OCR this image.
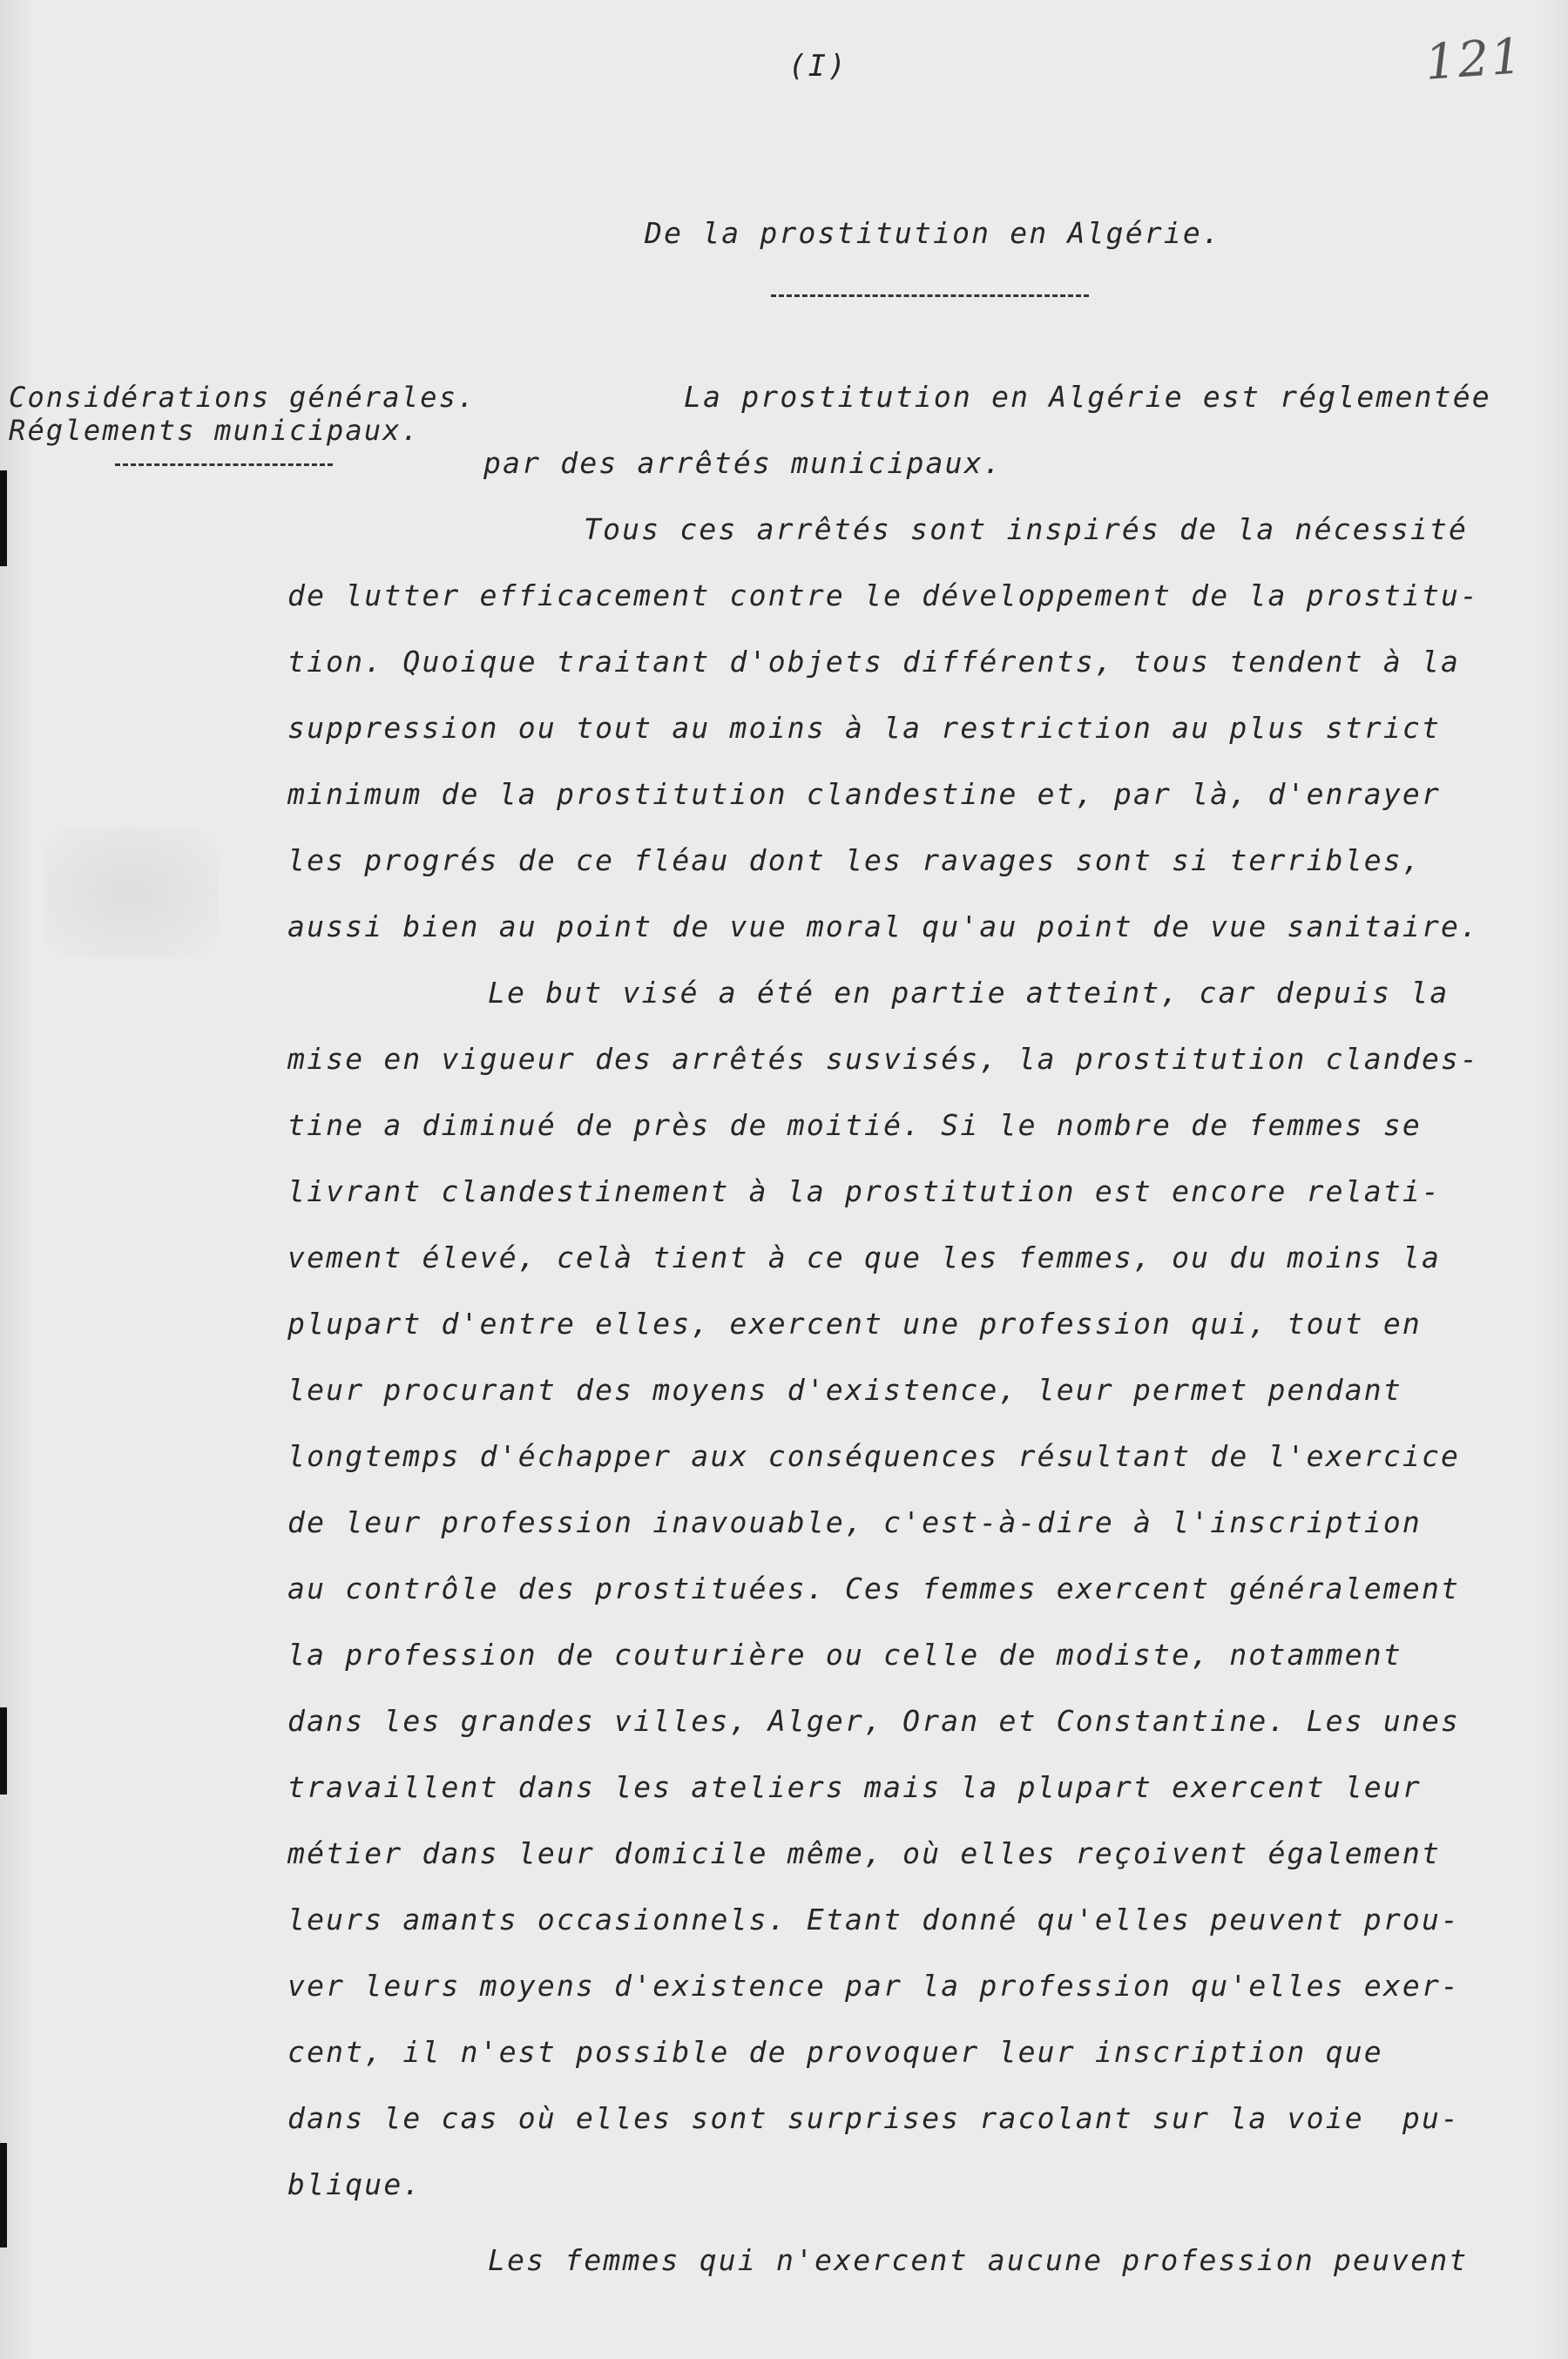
(I)	121
De la prostitution en Algérie.
Considérations générales.
Réglements municipaux.
La prostitution en Algérie est réglementée
par des arrêtés municipaux.
Tous ces arrêtés sont inspirés de la nécessité
de lutter efficacement contre le développement de la prostitu-
tion. Quoique traitant d'objets différents, tous tendent à la
suppression ou tout au moins à la restriction au plus strict
minimum de la prostitution clandestine et, par là, d'enrayer
les progrés de ce fléau dont les ravages sont si terribles,
aussi bien au point de vue moral qu'au point de vue sanitaire.
Le but visé a été en partie atteint, car depuis la
mise en vigueur des arrêtés susvisés, la prostitution clandes-
tine a diminué de près de moitié. Si le nombre de femmes se
livrant clandestinement à la prostitution est encore relati-
vement élevé, celà tient à ce que les femmes, ou du moins la
plupart d'entre elles, exercent une profession qui, tout en
leur procurant des moyens d'existence, leur permet pendant
longtemps d'échapper aux conséquences résultant de l'exercice
de leur profession inavouable, c'est-à-dire à l'inscription
au contrôle des prostituées. Ces femmes exercent généralement
la profession de couturière ou celle de modiste, notamment
dans les grandes villes, Alger, Oran et Constantine. Les unes
travaillent dans les ateliers mais la plupart exercent leur
métier dans leur domicile même, où elles reçoivent également
leurs amants occasionnels. Etant donné qu'elles peuvent prou-
ver leurs moyens d'existence par la profession qu'elles exer-
cent, il n'est possible de provoquer leur inscription que
dans le cas où elles sont surprises racolant sur la voie  pu-
blique.
Les femmes qui n'exercent aucune profession peuvent
